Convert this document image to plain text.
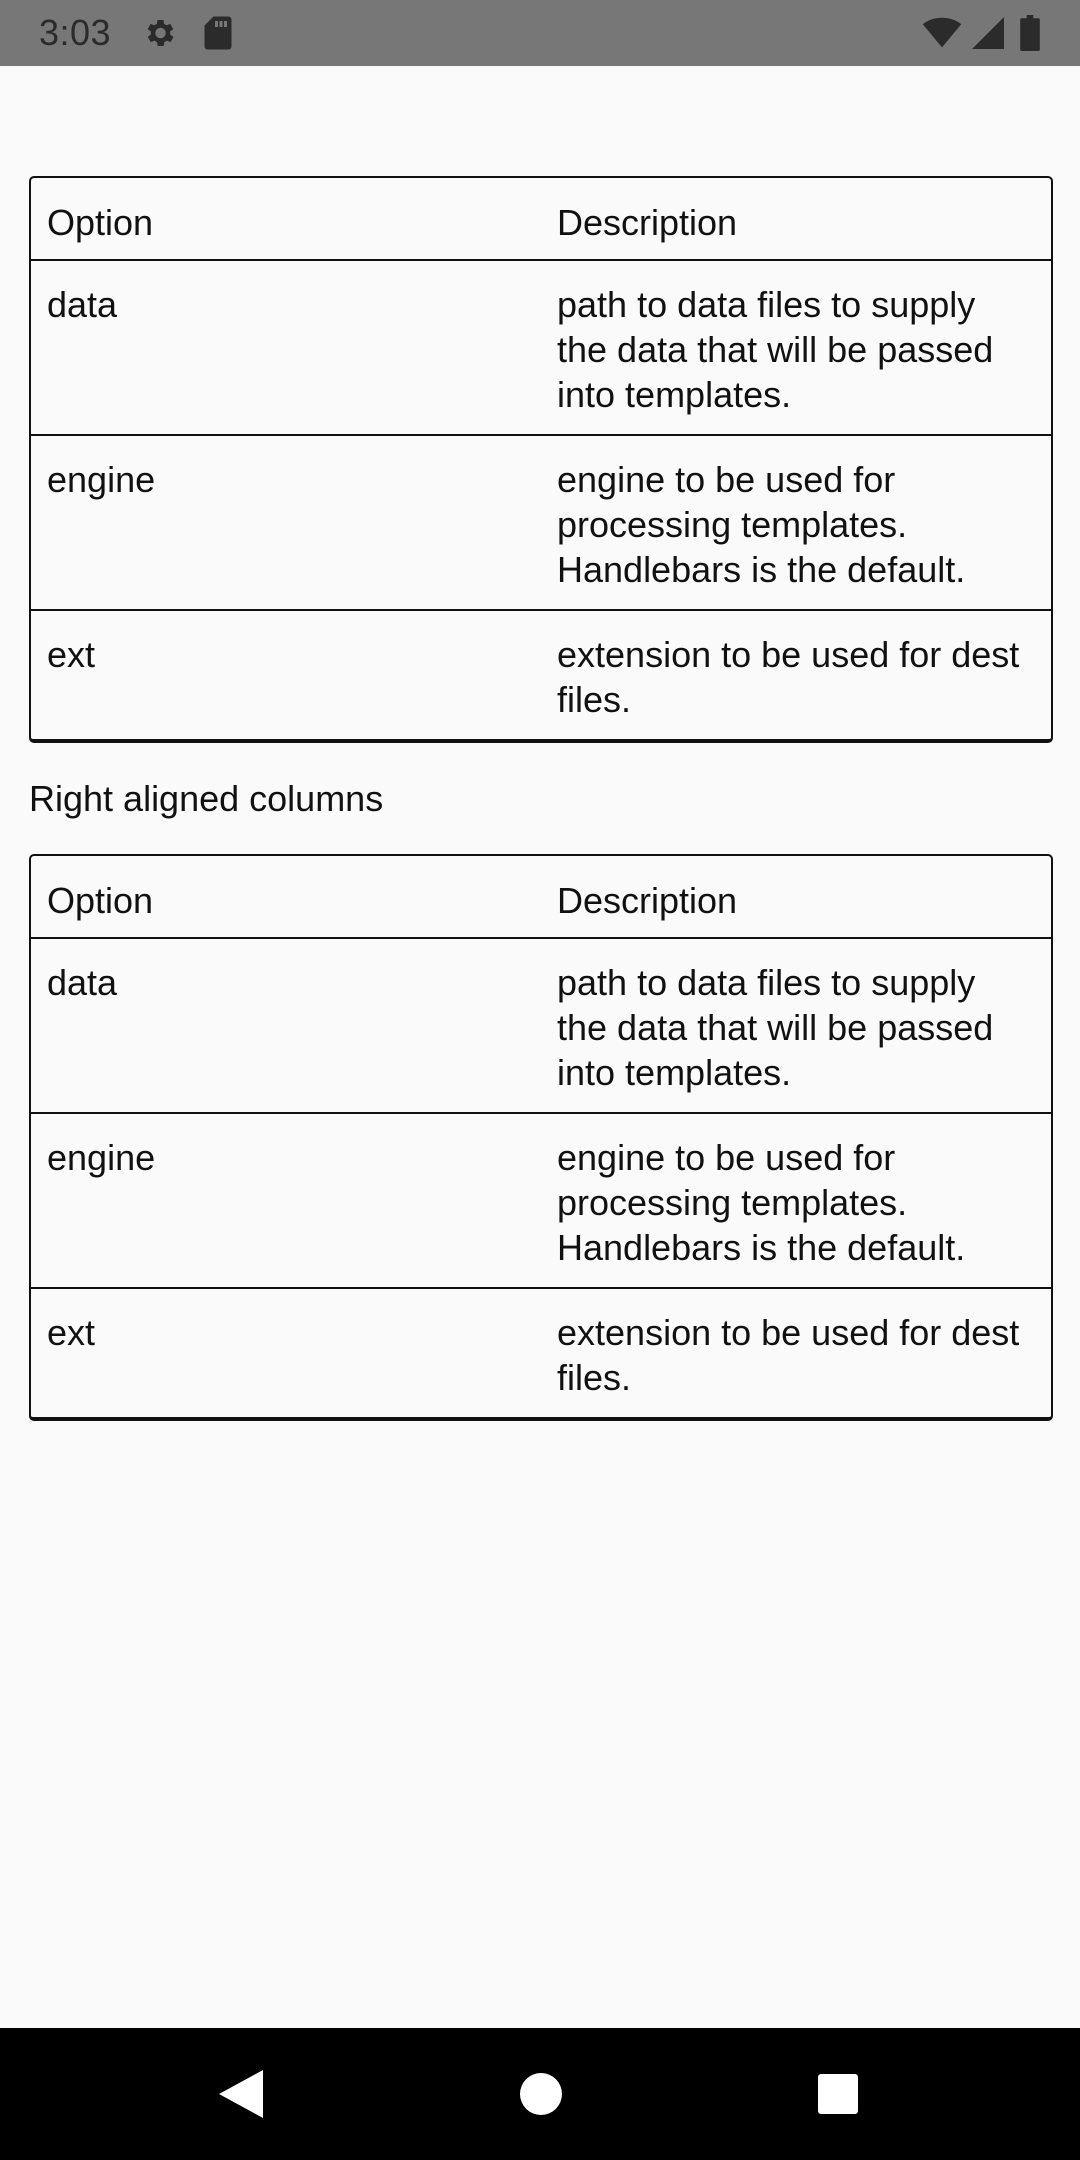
3:03
Option	Description
data	path to data files to supply the data that will be passed into templates.
engine	engine to be used for processing templates. Handlebars is the default.
ext	extension to be used for dest files.
Right aligned columns
Option	Description
data	path to data files to supply the data that will be passed into templates.
engine	engine to be used for processing templates. Handlebars is the default.
ext	extension to be used for dest files.
